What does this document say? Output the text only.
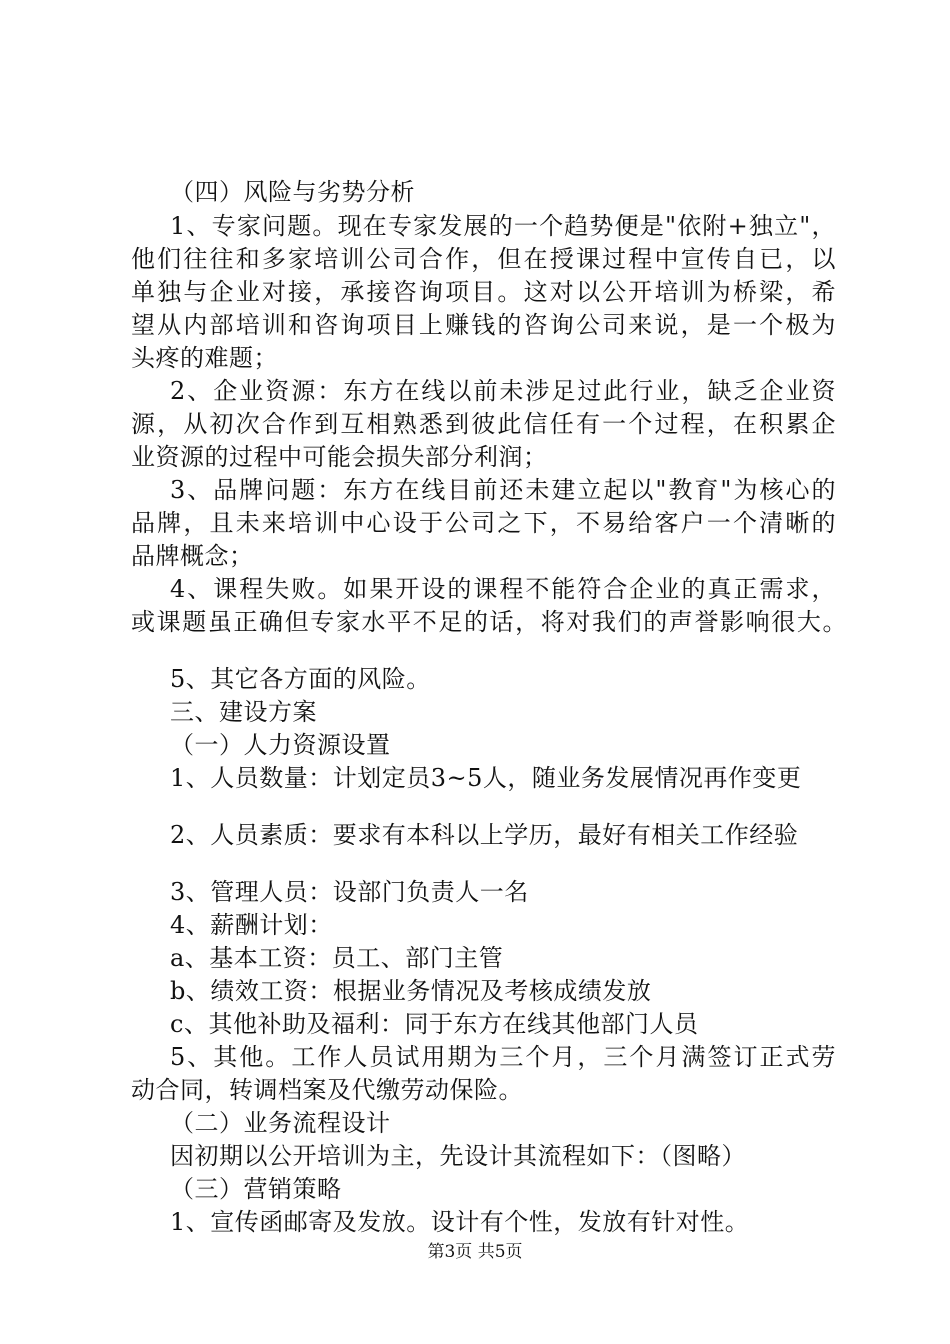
（四）风险与劣势分析
1、专家问题。现在专家发展的一个趋势便是"依附+独立"，
他们往往和多家培训公司合作，但在授课过程中宣传自已，以
单独与企业对接，承接咨询项目。这对以公开培训为桥梁，希
望从内部培训和咨询项目上赚钱的咨询公司来说，是一个极为
头疼的难题；
2、企业资源：东方在线以前未涉足过此行业，缺乏企业资
源，从初次合作到互相熟悉到彼此信任有一个过程，在积累企
业资源的过程中可能会损失部分利润；
3、品牌问题：东方在线目前还未建立起以"教育"为核心的
品牌，且未来培训中心设于公司之下，不易给客户一个清晰的
品牌概念；
4、课程失败。如果开设的课程不能符合企业的真正需求，
或课题虽正确但专家水平不足的话，将对我们的声誉影响很大。
5、其它各方面的风险。
三、建设方案
（一）人力资源设置
1、人员数量：计划定员3~5人，随业务发展情况再作变更
2、人员素质：要求有本科以上学历，最好有相关工作经验
3、管理人员：设部门负责人一名
4、薪酬计划：
a、基本工资：员工、部门主管
b、绩效工资：根据业务情况及考核成绩发放
c、其他补助及福利：同于东方在线其他部门人员
5、其他。工作人员试用期为三个月，三个月满签订正式劳
动合同，转调档案及代缴劳动保险。
（二）业务流程设计
因初期以公开培训为主，先设计其流程如下：（图略）
（三）营销策略
1、宣传函邮寄及发放。设计有个性，发放有针对性。
第3页 共5页
